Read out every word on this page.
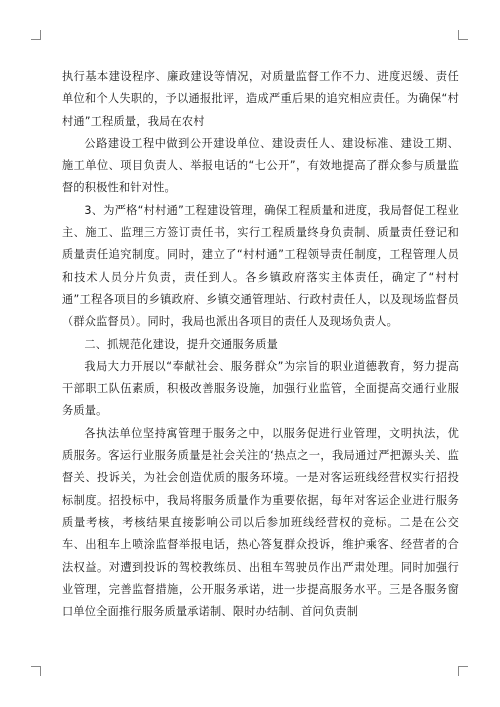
执行基本建设程序、廉政建设等情况，对质量监督工作不力、进度迟缓、责任单位和个人失职的，予以通报批评，造成严重后果的追究相应责任。为确保“村村通”工程质量，我局在农村

公路建设工程中做到公开建设单位、建设责任人、建设标准、建设工期、施工单位、项目负责人、举报电话的“七公开”，有效地提高了群众参与质量监督的积极性和针对性。

3、为严格“村村通”工程建设管理，确保工程质量和进度，我局督促工程业主、施工、监理三方签订责任书，实行工程质量终身负责制、质量责任登记和质量责任追究制度。同时，建立了“村村通”工程领导责任制度，工程管理人员和技术人员分片负责，责任到人。各乡镇政府落实主体责任，确定了“村村通”工程各项目的乡镇政府、乡镇交通管理站、行政村责任人，以及现场监督员（群众监督员）。同时，我局也派出各项目的责任人及现场负责人。

二、抓规范化建设，提升交通服务质量

我局大力开展以“奉献社会、服务群众”为宗旨的职业道德教育，努力提高干部职工队伍素质，积极改善服务设施，加强行业监管，全面提高交通行业服务质量。

各执法单位坚持寓管理于服务之中，以服务促进行业管理，文明执法，优质服务。客运行业服务质量是社会关注的‘热点之一，我局通过严把源头关、监督关、投诉关，为社会创造优质的服务环境。一是对客运班线经营权实行招投标制度。招投标中，我局将服务质量作为重要依据，每年对客运企业进行服务质量考核，考核结果直接影响公司以后参加班线经营权的竞标。二是在公交车、出租车上喷涂监督举报电话，热心答复群众投诉，维护乘客、经营者的合法权益。对遭到投诉的驾校教练员、出租车驾驶员作出严肃处理。同时加强行业管理，完善监督措施，公开服务承诺，进一步提高服务水平。三是各服务窗口单位全面推行服务质量承诺制、限时办结制、首问负责制
